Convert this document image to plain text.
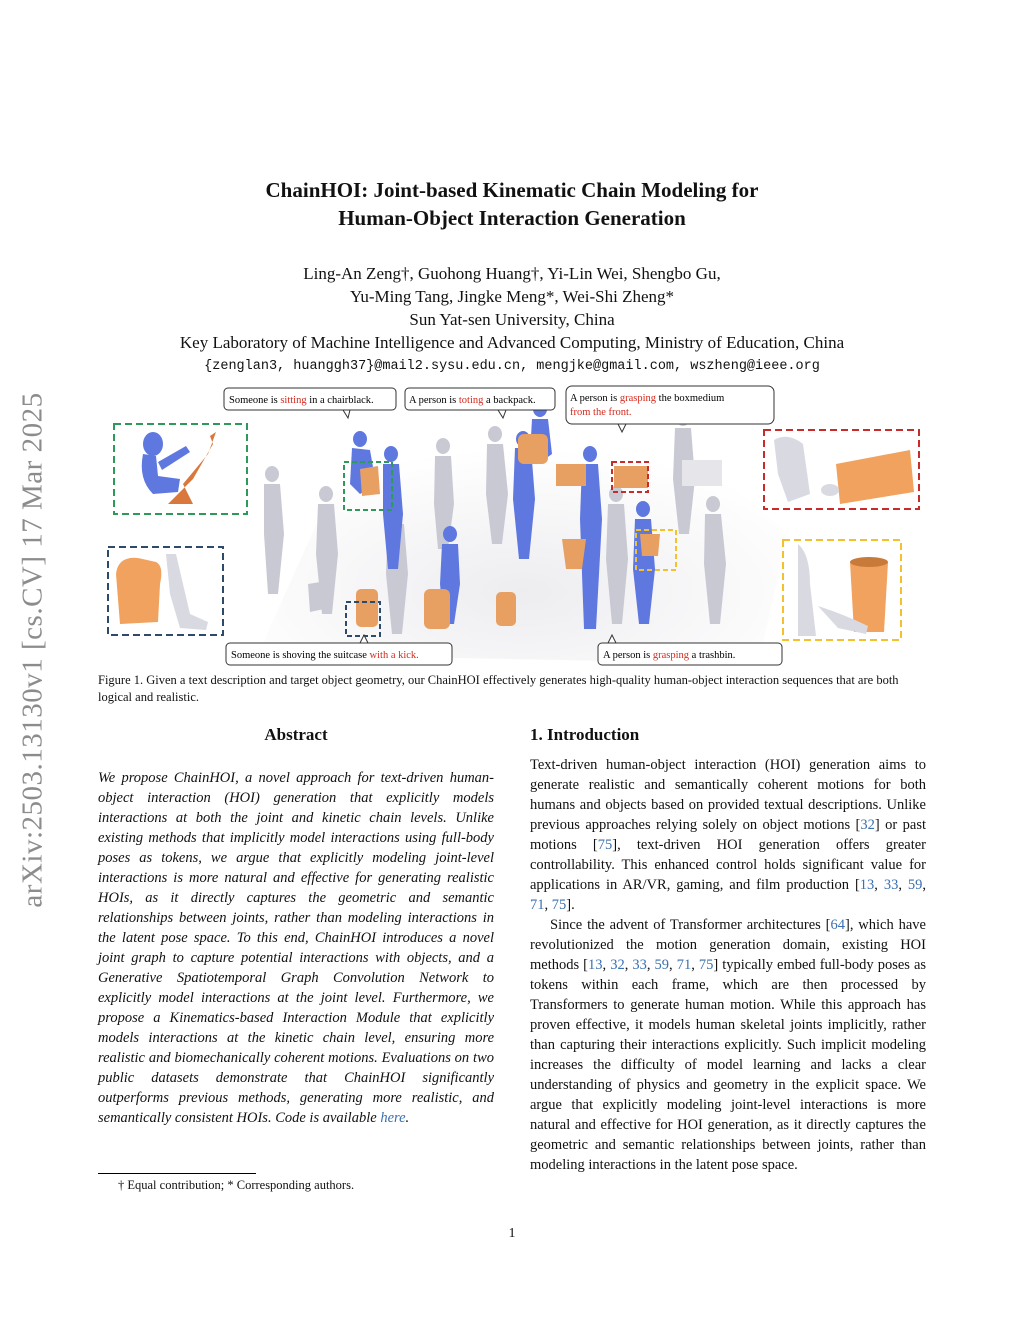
arXiv:2503.13130v1 [cs.CV] 17 Mar 2025
ChainHOI: Joint-based Kinematic Chain Modeling for
Human-Object Interaction Generation
Ling-An Zeng†, Guohong Huang†, Yi-Lin Wei, Shengbo Gu,
Yu-Ming Tang, Jingke Meng*, Wei-Shi Zheng*
Sun Yat-sen University, China
Key Laboratory of Machine Intelligence and Advanced Computing, Ministry of Education, China
{zenglan3, huanggh37}@mail2.sysu.edu.cn, mengjke@gmail.com, wszheng@ieee.org
Someone is sitting in a chairblack.	A person is toting a backpack.	A person is grasping the boxmedium
from the front.
Someone is shoving the suitcase with a kick.	A person is grasping a trashbin.
Figure 1. Given a text description and target object geometry, our ChainHOI effectively generates high-quality human-object interaction sequences that are both logical and realistic.
Abstract
We propose ChainHOI, a novel approach for text-driven human-object interaction (HOI) generation that explicitly models interactions at both the joint and kinetic chain levels. Unlike existing methods that implicitly model interactions using full-body poses as tokens, we argue that explicitly modeling joint-level interactions is more natural and effective for generating realistic HOIs, as it directly captures the geometric and semantic relationships between joints, rather than modeling interactions in the latent pose space. To this end, ChainHOI introduces a novel joint graph to capture potential interactions with objects, and a Generative Spatiotemporal Graph Convolution Network to explicitly model interactions at the joint level. Furthermore, we propose a Kinematics-based Interaction Module that explicitly models interactions at the kinetic chain level, ensuring more realistic and biomechanically coherent motions. Evaluations on two public datasets demonstrate that ChainHOI significantly outperforms previous methods, generating more realistic, and semantically consistent HOIs. Code is available here.
† Equal contribution; * Corresponding authors.
1. Introduction

Text-driven human-object interaction (HOI) generation aims to generate realistic and semantically coherent motions for both humans and objects based on provided textual descriptions. Unlike previous approaches relying solely on object motions [32] or past motions [75], text-driven HOI generation offers greater controllability. This enhanced control holds significant value for applications in AR/VR, gaming, and film production [13, 33, 59, 71, 75].

Since the advent of Transformer architectures [64], which have revolutionized the motion generation domain, existing HOI methods [13, 32, 33, 59, 71, 75] typically embed full-body poses as tokens within each frame, which are then processed by Transformers to generate human motion. While this approach has proven effective, it models human skeletal joints implicitly, rather than capturing their interactions explicitly. Such implicit modeling increases the difficulty of model learning and lacks a clear understanding of physics and geometry in the explicit space. We argue that explicitly modeling joint-level interactions is more natural and effective for HOI generation, as it directly captures the geometric and semantic relationships between joints, rather than modeling interactions in the latent pose space.

1
